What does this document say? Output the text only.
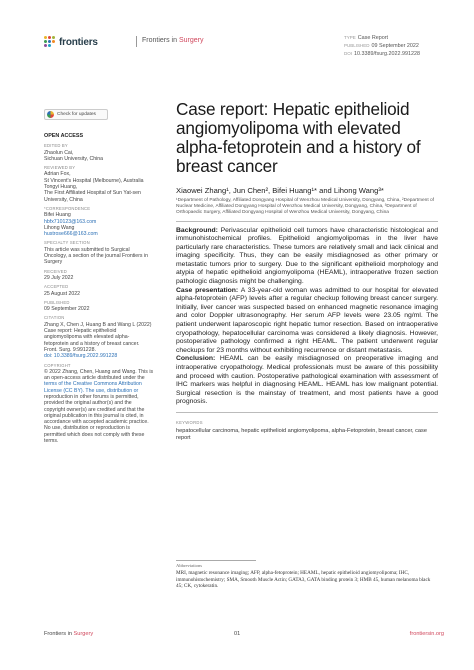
frontiers	Frontiers in Surgery	TYPE Case Report
PUBLISHED 09 September 2022
DOI 10.3389/fsurg.2022.991228
Check for updates
OPEN ACCESS
EDITED BY
Zhaolun Cai,
Sichuan University, China
REVIEWED BY
Adrian Fox,
St Vincent's Hospital (Melbourne), Australia
Tongyi Huang,
The First Affiliated Hospital of Sun Yat-sen
University, China
*CORRESPONDENCE
Bifei Huang
hbfx710123@163.com
Lihong Wang
hustrose666@163.com
SPECIALTY SECTION
This article was submitted to Surgical
Oncology, a section of the journal Frontiers in
Surgery
RECEIVED
29 July 2022
ACCEPTED
25 August 2022
PUBLISHED
09 September 2022
CITATION
Zhang X, Chen J, Huang B and Wang L (2022)
Case report: Hepatic epithelioid
angiomyolipoma with elevated alpha-
fetoprotein and a history of breast cancer.
Front. Surg. 9:991228.
doi: 10.3389/fsurg.2022.991228
COPYRIGHT
© 2022 Zhang, Chen, Huang and Wang. This is
an open-access article distributed under the
terms of the Creative Commons Attribution
License (CC BY). The use, distribution or
reproduction in other forums is permitted,
provided the original author(s) and the
copyright owner(s) are credited and that the
original publication in this journal is cited, in
accordance with accepted academic practice.
No use, distribution or reproduction is
permitted which does not comply with these
terms.
Case report: Hepatic epithelioid angiomyolipoma with elevated alpha-fetoprotein and a history of breast cancer
Xiaowei Zhang¹, Jun Chen², Bifei Huang¹* and Lihong Wang³*
¹Department of Pathology, Affiliated Dongyang Hospital of Wenzhou Medical University, Dongyang, China, ²Department of Nuclear Medicine, Affiliated Dongyang Hospital of Wenzhou Medical University, Dongyang, China, ³Department of Orthopaedic Surgery, Affiliated Dongyang Hospital of Wenzhou Medical University, Dongyang, China

Background: Perivascular epithelioid cell tumors have characteristic histological and immunohistochemical profiles. Epithelioid angiomyolipomas in the liver have particularly rare characteristics. These tumors are relatively small and lack clinical and imaging specificity. Thus, they can be easily misdiagnosed as other primary or metastatic tumors prior to surgery. Due to the significant epithelioid morphology and atypia of hepatic epithelioid angiomyolipoma (HEAML), intraoperative frozen section pathologic diagnosis might be challenging.

Case presentation: A 33-year-old woman was admitted to our hospital for elevated alpha-fetoprotein (AFP) levels after a regular checkup following breast cancer surgery. Initially, liver cancer was suspected based on enhanced magnetic resonance imaging and color Doppler ultrasonography. Her serum AFP levels were 23.05 ng/ml. The patient underwent laparoscopic right hepatic tumor resection. Based on intraoperative cryopathology, hepatocellular carcinoma was considered a likely diagnosis. However, postoperative pathology confirmed a right HEAML. The patient underwent regular checkups for 23 months without exhibiting recurrence or distant metastasis.

Conclusion: HEAML can be easily misdiagnosed on preoperative imaging and intraoperative cryopathology. Medical professionals must be aware of this possibility and proceed with caution. Postoperative pathological examination with assessment of IHC markers was helpful in diagnosing HEAML. HEAML has low malignant potential. Surgical resection is the mainstay of treatment, and most patients have a good prognosis.

KEYWORDS
hepatocellular carcinoma, hepatic epithelioid angiomyolipoma, alpha-Fetoprotein, breast cancer, case report
Abbreviations
MRI, magnetic resonance imaging; AFP, alpha-fetoprotein; HEAML, hepatic epithelioid angiomyolipoma; IHC, immunohistochemistry; SMA, Smooth Muscle Actin; GATA3, GATA binding protein 3; HMB 45, human melanoma black 45; CK, cytokeratin.
Frontiers in Surgery	01	frontiersin.org
